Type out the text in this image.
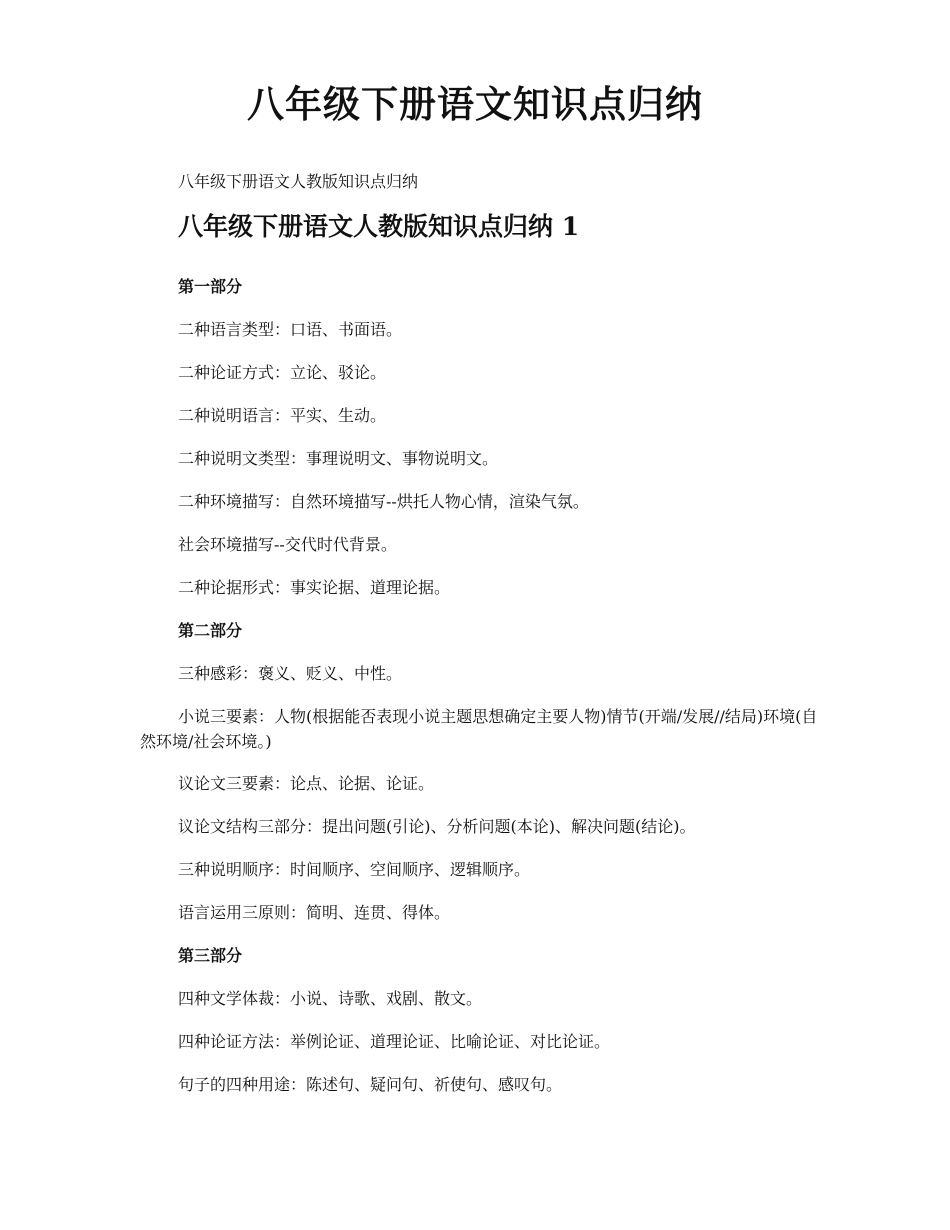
八年级下册语文知识点归纳

八年级下册语文人教版知识点归纳

八年级下册语文人教版知识点归纳 1

第一部分

二种语言类型：口语、书面语。

二种论证方式：立论、驳论。

二种说明语言：平实、生动。

二种说明文类型：事理说明文、事物说明文。

二种环境描写：自然环境描写--烘托人物心情，渲染气氛。

社会环境描写--交代时代背景。

二种论据形式：事实论据、道理论据。

第二部分

三种感彩：褒义、贬义、中性。

小说三要素：人物(根据能否表现小说主题思想确定主要人物)情节(开端/发展//结局)环境(自然环境/社会环境。)

议论文三要素：论点、论据、论证。

议论文结构三部分：提出问题(引论)、分析问题(本论)、解决问题(结论)。

三种说明顺序：时间顺序、空间顺序、逻辑顺序。

语言运用三原则：简明、连贯、得体。

第三部分

四种文学体裁：小说、诗歌、戏剧、散文。

四种论证方法：举例论证、道理论证、比喻论证、对比论证。

句子的四种用途：陈述句、疑问句、祈使句、感叹句。
